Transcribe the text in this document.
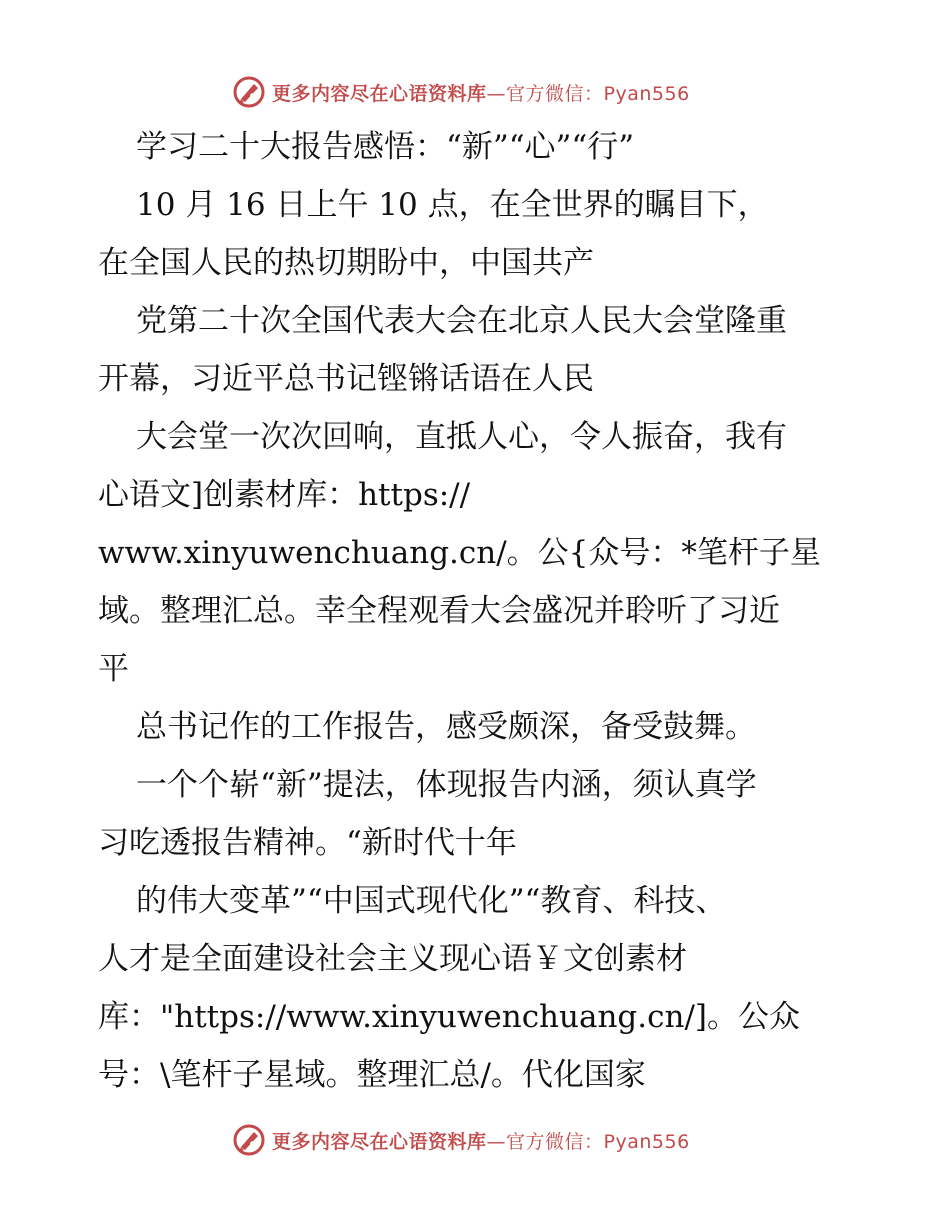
更多内容尽在心语资料库 —官方微信：Pyan556
学习二十大报告感悟：“新”“心”“行”
10 月 16 日上午 10 点，在全世界的瞩目下，
在全国人民的热切期盼中，中国共产
党第二十次全国代表大会在北京人民大会堂隆重
开幕，习近平总书记铿锵话语在人民
大会堂一次次回响，直抵人心，令人振奋，我有
心语文]创素材库：https://
www.xinyuwenchuang.cn/。公{众号：*笔杆子星
域。整理汇总。幸全程观看大会盛况并聆听了习近
平
总书记作的工作报告，感受颇深，备受鼓舞。
一个个崭“新”提法，体现报告内涵，须认真学
习吃透报告精神。“新时代十年
的伟大变革”“中国式现代化”“教育、科技、
人才是全面建设社会主义现心语￥文创素材
库："https://www.xinyuwenchuang.cn/]。公众
号：\笔杆子星域。整理汇总/。代化国家
更多内容尽在心语资料库 —官方微信：Pyan556
